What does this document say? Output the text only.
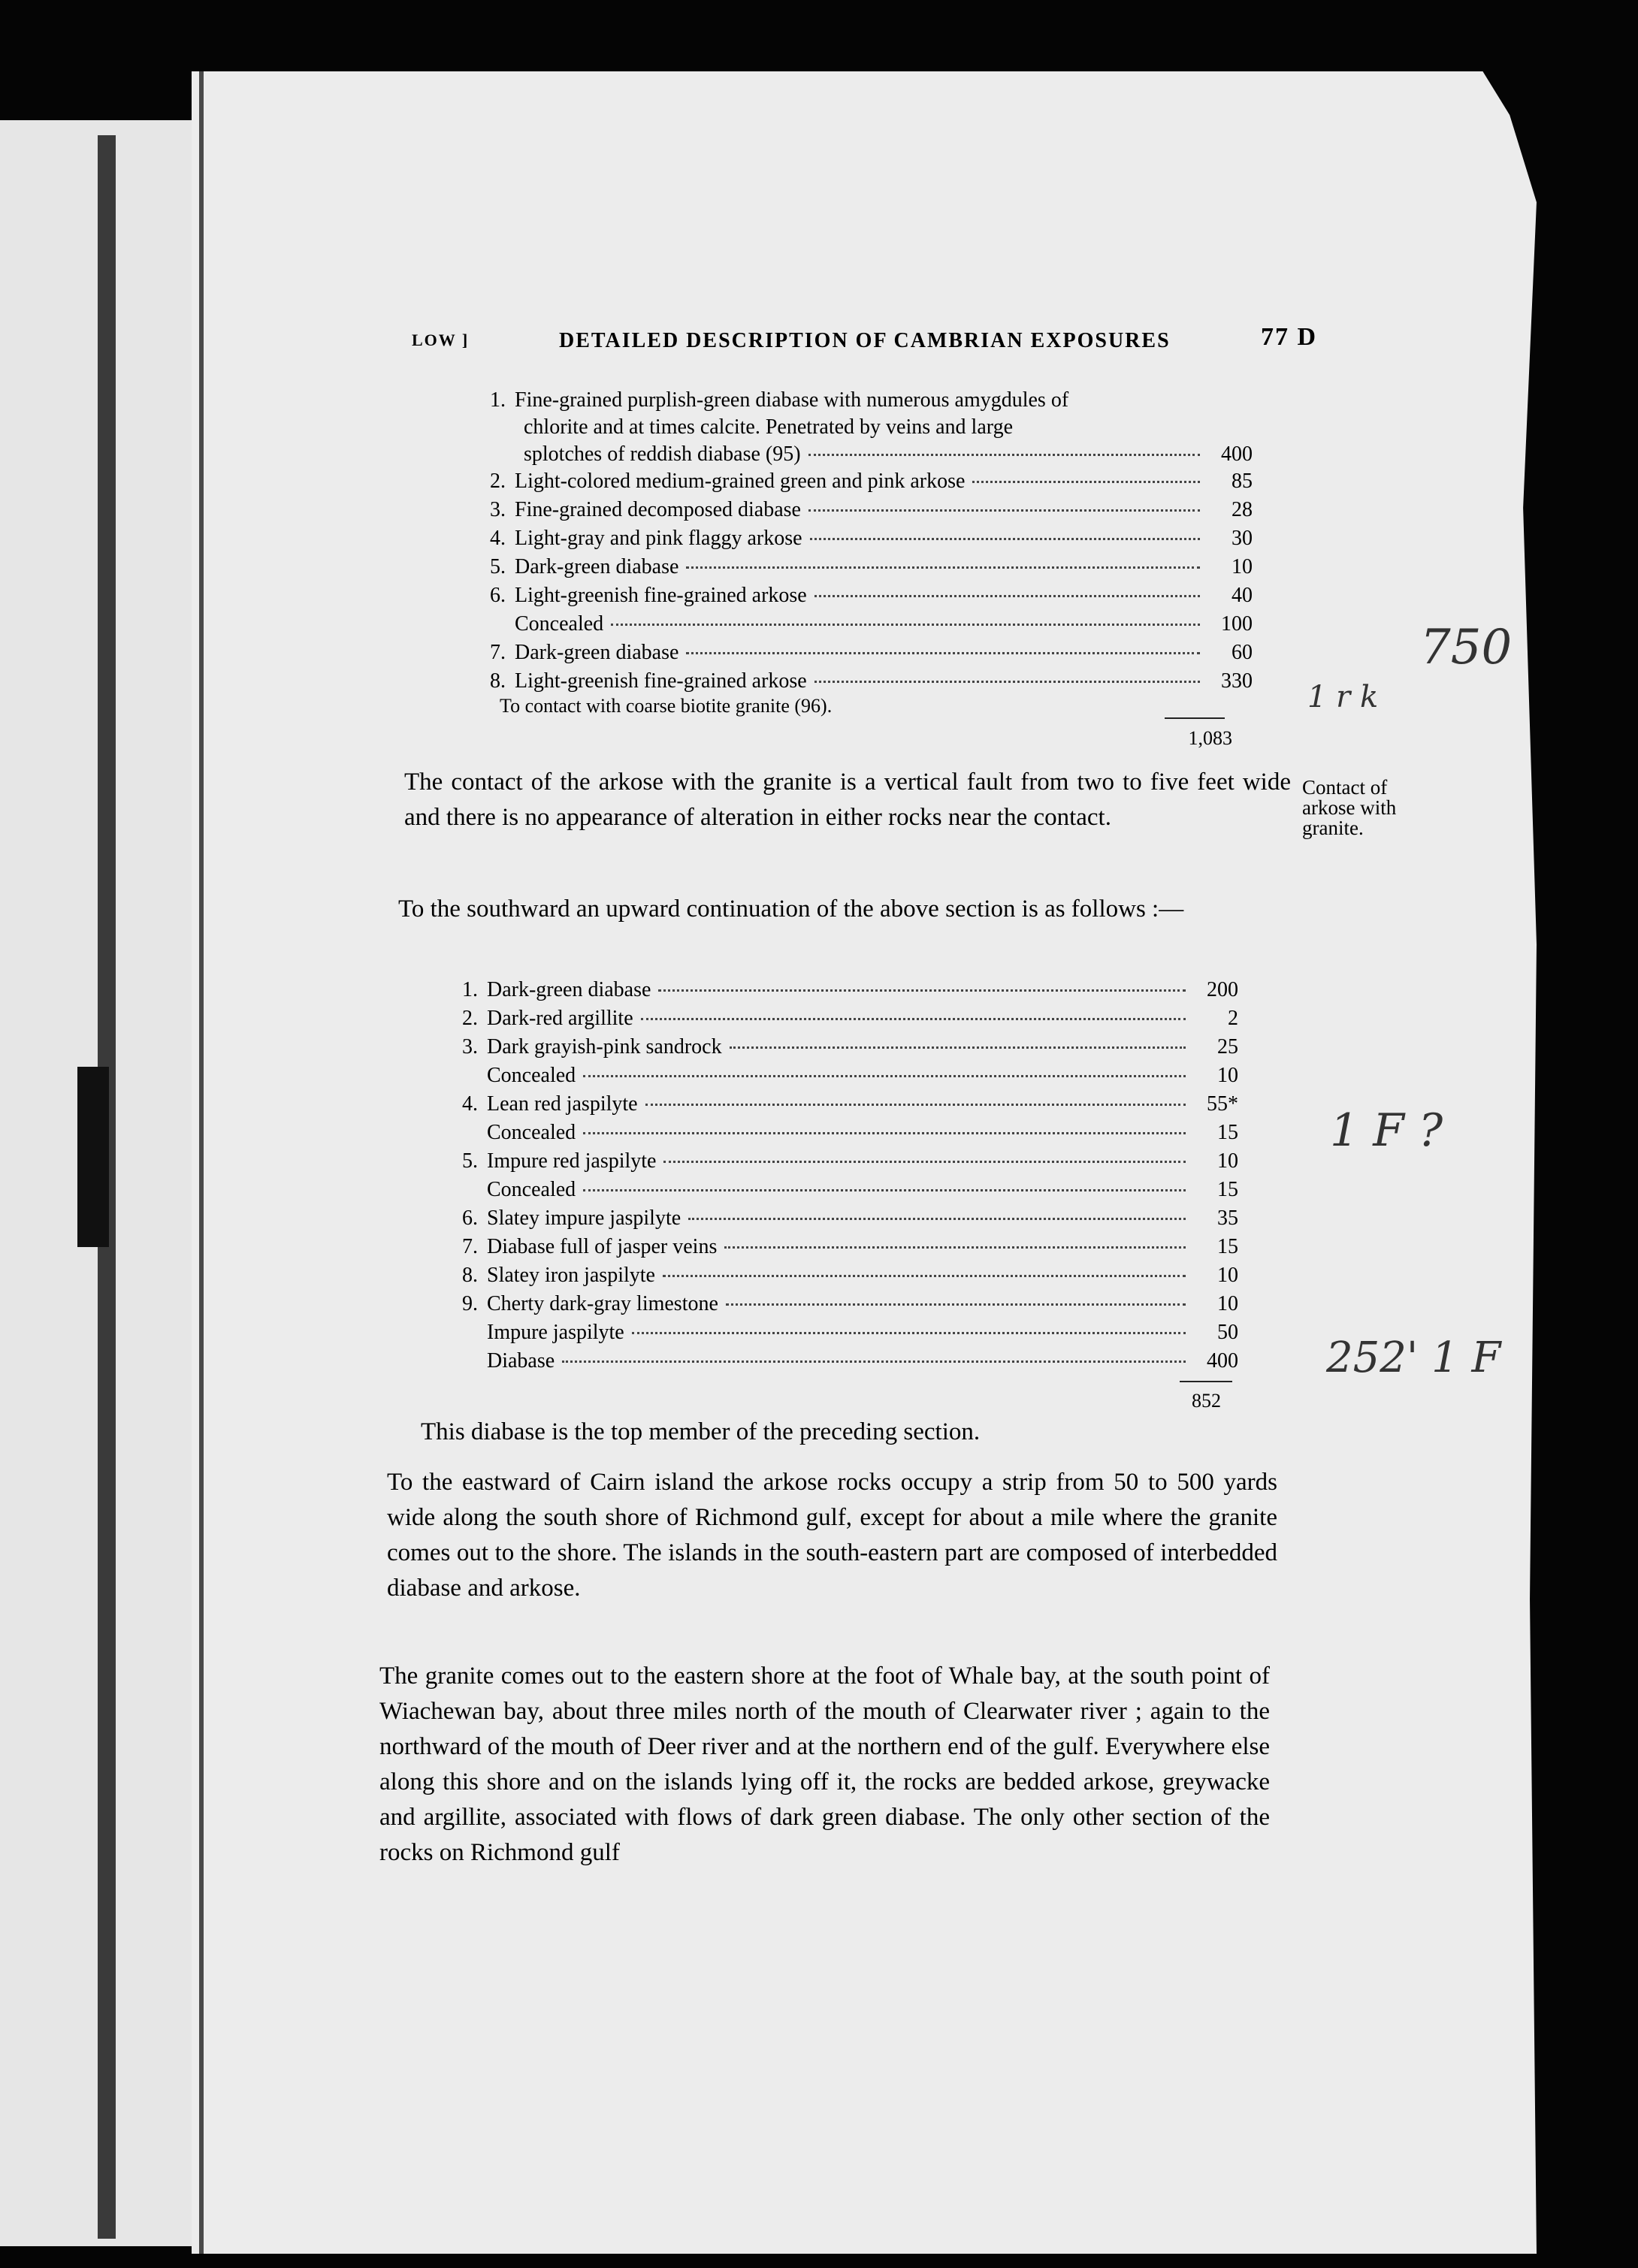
LOW ]	DETAILED DESCRIPTION OF CAMBRIAN EXPOSURES	77 D
1. Fine-grained purplish-green diabase with numerous amygdules of
chlorite and at times calcite. Penetrated by veins and large
splotches of reddish diabase (95)	400
2. Light-colored medium-grained green and pink arkose	85
3. Fine-grained decomposed diabase	28
4. Light-gray and pink flaggy arkose	30
5. Dark-green diabase	10
6. Light-greenish fine-grained arkose	40
Concealed	100
7. Dark-green diabase	60
8. Light-greenish fine-grained arkose	330
To contact with coarse biotite granite (96).
1,083

The contact of the arkose with the granite is a vertical fault from two to five feet wide and there is no appearance of alteration in either rocks near the contact.

Contact of
arkose with
granite.

To the southward an upward continuation of the above section is as follows :—

1. Dark-green diabase	200
2. Dark-red argillite	2
3. Dark grayish-pink sandrock	25
Concealed	10
4. Lean red jaspilyte	55*
Concealed	15
5. Impure red jaspilyte	10
Concealed	15
6. Slatey impure jaspilyte	35
7. Diabase full of jasper veins	15
8. Slatey iron jaspilyte	10
9. Cherty dark-gray limestone	10
Impure jaspilyte	50
Diabase	400
852

This diabase is the top member of the preceding section.

To the eastward of Cairn island the arkose rocks occupy a strip from 50 to 500 yards wide along the south shore of Richmond gulf, except for about a mile where the granite comes out to the shore. The islands in the south-eastern part are composed of interbedded diabase and arkose.

The granite comes out to the eastern shore at the foot of Whale bay, at the south point of Wiachewan bay, about three miles north of the mouth of Clearwater river ; again to the northward of the mouth of Deer river and at the northern end of the gulf. Everywhere else along this shore and on the islands lying off it, the rocks are bedded arkose, greywacke and argillite, associated with flows of dark green diabase. The only other section of the rocks on Richmond gulf

750
1 r k
1 F ?
252' 1 F
